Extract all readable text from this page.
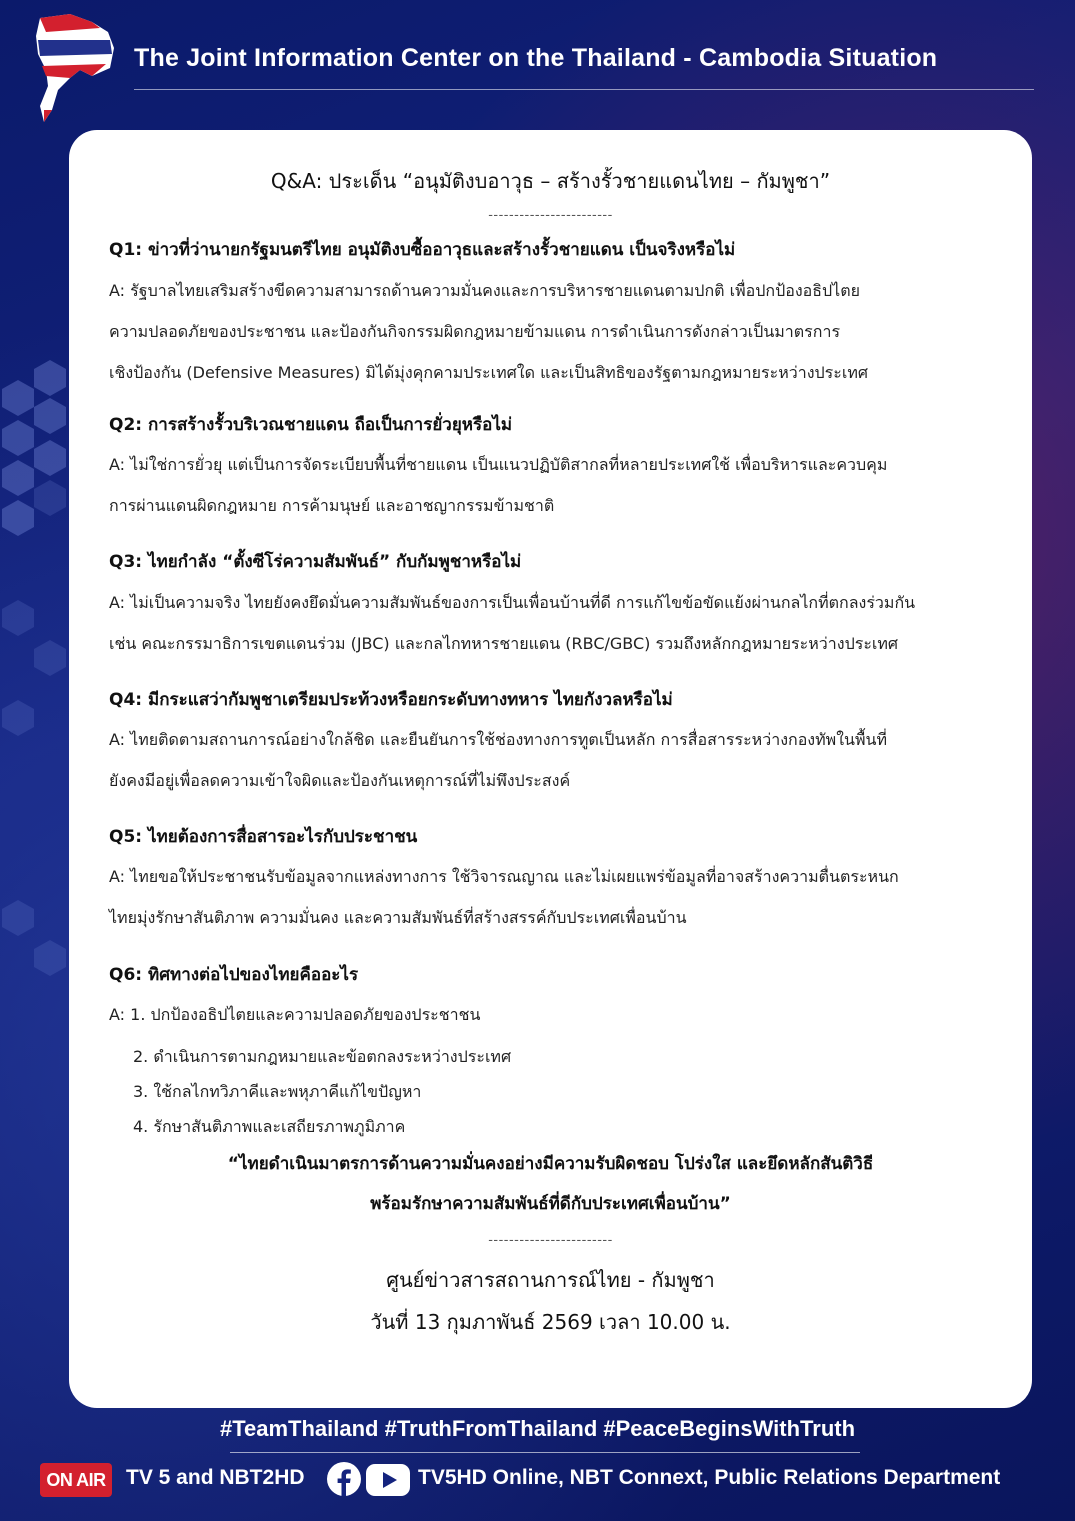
The Joint Information Center on the Thailand - Cambodia Situation
Q&A: ประเด็น “อนุมัติงบอาวุธ – สร้างรั้วชายแดนไทย – กัมพูชา”
------------------------
Q1: ข่าวที่ว่านายกรัฐมนตรีไทย อนุมัติงบซื้ออาวุธและสร้างรั้วชายแดน เป็นจริงหรือไม่
A: รัฐบาลไทยเสริมสร้างขีดความสามารถด้านความมั่นคงและการบริหารชายแดนตามปกติ เพื่อปกป้องอธิปไตย
ความปลอดภัยของประชาชน และป้องกันกิจกรรมผิดกฎหมายข้ามแดน การดำเนินการดังกล่าวเป็นมาตรการ
เชิงป้องกัน (Defensive Measures) มิได้มุ่งคุกคามประเทศใด และเป็นสิทธิของรัฐตามกฎหมายระหว่างประเทศ
Q2: การสร้างรั้วบริเวณชายแดน ถือเป็นการยั่วยุหรือไม่
A: ไม่ใช่การยั่วยุ แต่เป็นการจัดระเบียบพื้นที่ชายแดน เป็นแนวปฏิบัติสากลที่หลายประเทศใช้ เพื่อบริหารและควบคุม
การผ่านแดนผิดกฎหมาย การค้ามนุษย์ และอาชญากรรมข้ามชาติ
Q3: ไทยกำลัง “ตั้งซีโร่ความสัมพันธ์” กับกัมพูชาหรือไม่
A: ไม่เป็นความจริง ไทยยังคงยึดมั่นความสัมพันธ์ของการเป็นเพื่อนบ้านที่ดี การแก้ไขข้อขัดแย้งผ่านกลไกที่ตกลงร่วมกัน
เช่น คณะกรรมาธิการเขตแดนร่วม (JBC) และกลไกทหารชายแดน (RBC/GBC) รวมถึงหลักกฎหมายระหว่างประเทศ
Q4: มีกระแสว่ากัมพูชาเตรียมประท้วงหรือยกระดับทางทหาร ไทยกังวลหรือไม่
A: ไทยติดตามสถานการณ์อย่างใกล้ชิด และยืนยันการใช้ช่องทางการทูตเป็นหลัก การสื่อสารระหว่างกองทัพในพื้นที่
ยังคงมีอยู่เพื่อลดความเข้าใจผิดและป้องกันเหตุการณ์ที่ไม่พึงประสงค์
Q5: ไทยต้องการสื่อสารอะไรกับประชาชน
A: ไทยขอให้ประชาชนรับข้อมูลจากแหล่งทางการ ใช้วิจารณญาณ และไม่เผยแพร่ข้อมูลที่อาจสร้างความตื่นตระหนก
ไทยมุ่งรักษาสันติภาพ ความมั่นคง และความสัมพันธ์ที่สร้างสรรค์กับประเทศเพื่อนบ้าน
Q6: ทิศทางต่อไปของไทยคืออะไร
A: 1. ปกป้องอธิปไตยและความปลอดภัยของประชาชน
2. ดำเนินการตามกฎหมายและข้อตกลงระหว่างประเทศ
3. ใช้กลไกทวิภาคีและพหุภาคีแก้ไขปัญหา
4. รักษาสันติภาพและเสถียรภาพภูมิภาค
“ไทยดำเนินมาตรการด้านความมั่นคงอย่างมีความรับผิดชอบ โปร่งใส และยึดหลักสันติวิธี
พร้อมรักษาความสัมพันธ์ที่ดีกับประเทศเพื่อนบ้าน”
------------------------
ศูนย์ข่าวสารสถานการณ์ไทย - กัมพูชา
วันที่ 13 กุมภาพันธ์ 2569 เวลา 10.00 น.
#TeamThailand #TruthFromThailand #PeaceBeginsWithTruth
ON AIR TV 5 and NBT2HD	TV5HD Online, NBT Connext, Public Relations Department
